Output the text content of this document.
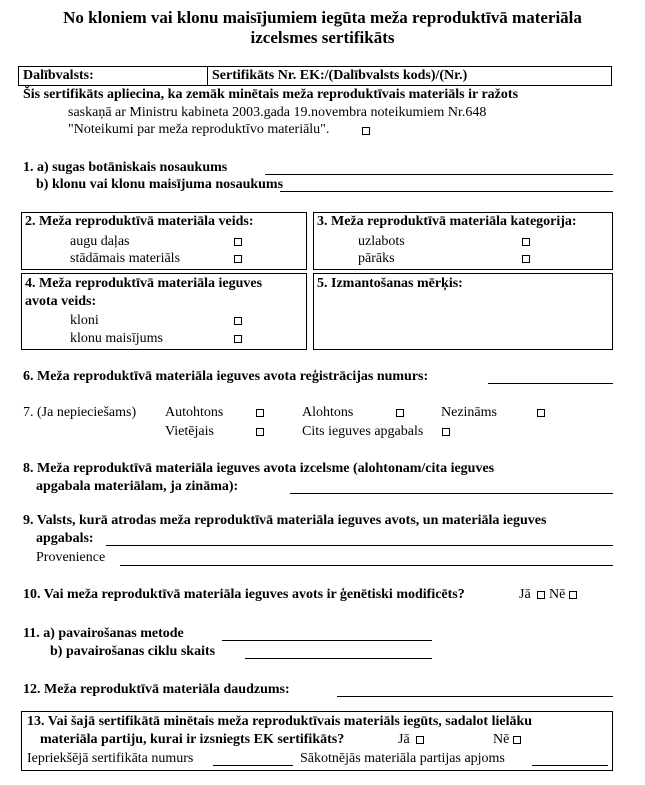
No kloniem vai klonu maisījumiem iegūta meža reproduktīvā materiāla
izcelsmes sertifikāts
Dalībvalsts:	Sertifikāts Nr. EK:/(Dalībvalsts kods)/(Nr.)
Šis sertifikāts apliecina, ka zemāk minētais meža reproduktīvais materiāls ir ražots
saskaņā ar Ministru kabineta 2003.gada 19.novembra noteikumiem Nr.648
"Noteikumi par meža reproduktīvo materiālu".
1. a) sugas botāniskais nosaukums
b) klonu vai klonu maisījuma nosaukums
2. Meža reproduktīvā materiāla veids:
augu daļas
stādāmais materiāls
3. Meža reproduktīvā materiāla kategorija:
uzlabots
pārāks
4. Meža reproduktīvā materiāla ieguves
avota veids:
kloni
klonu maisījums
5. Izmantošanas mērķis:
6. Meža reproduktīvā materiāla ieguves avota reģistrācijas numurs:
7. (Ja nepieciešams) Autohtons	Alohtons	Nezināms
Vietējais	Cits ieguves apgabals
8. Meža reproduktīvā materiāla ieguves avota izcelsme (alohtonam/cita ieguves
apgabala materiālam, ja zināma):
9. Valsts, kurā atrodas meža reproduktīvā materiāla ieguves avots, un materiāla ieguves
apgabals:
Provenience
10. Vai meža reproduktīvā materiāla ieguves avots ir ģenētiski modificēts?	Jā Nē
11. a) pavairošanas metode
b) pavairošanas ciklu skaits
12. Meža reproduktīvā materiāla daudzums:
13. Vai šajā sertifikātā minētais meža reproduktīvais materiāls iegūts, sadalot lielāku
materiāla partiju, kurai ir izsniegts EK sertifikāts?	Jā	Nē
Iepriekšējā sertifikāta numurs	Sākotnējās materiāla partijas apjoms
